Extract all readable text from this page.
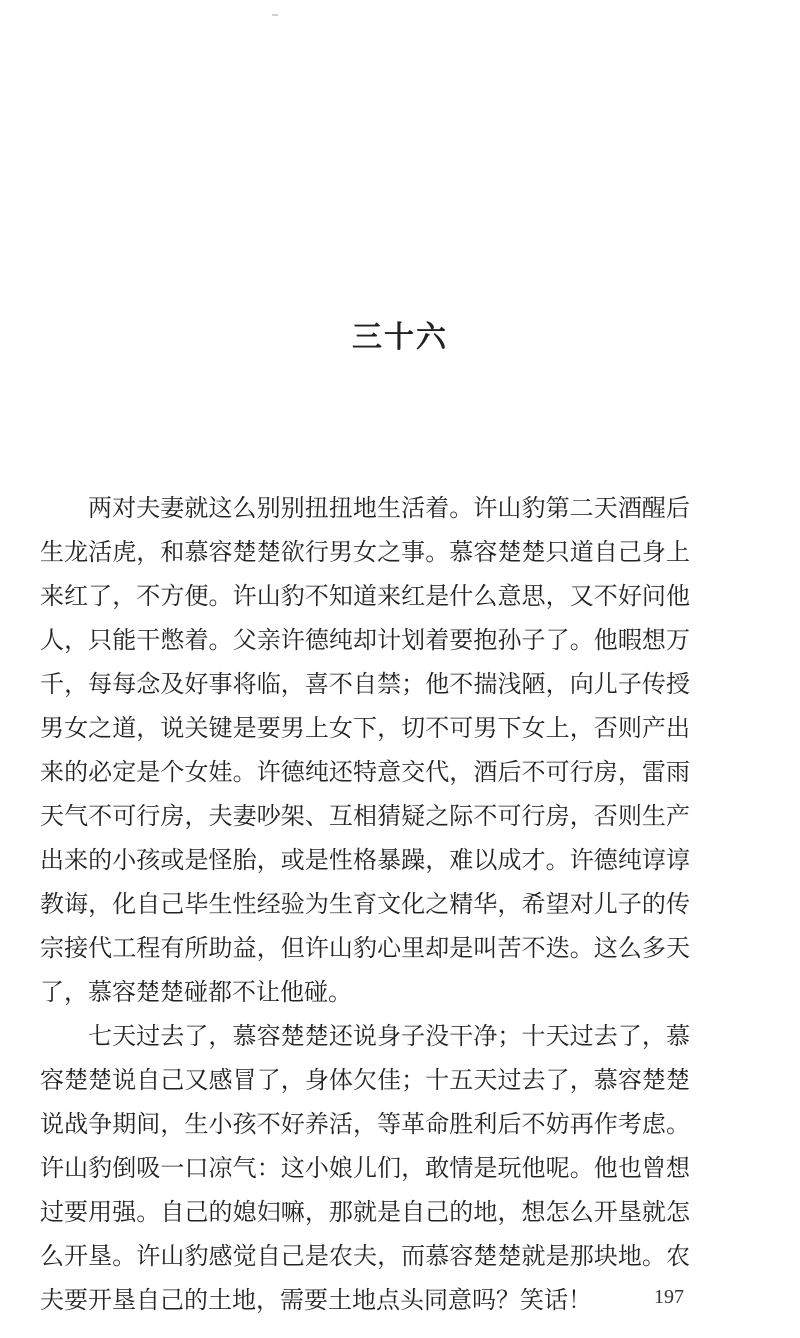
三十六

两对夫妻就这么别别扭扭地生活着。许山豹第二天酒醒后生龙活虎，和慕容楚楚欲行男女之事。慕容楚楚只道自己身上来红了，不方便。许山豹不知道来红是什么意思，又不好问他人，只能干憋着。父亲许德纯却计划着要抱孙子了。他暇想万千，每每念及好事将临，喜不自禁；他不揣浅陋，向儿子传授男女之道，说关键是要男上女下，切不可男下女上，否则产出来的必定是个女娃。许德纯还特意交代，酒后不可行房，雷雨天气不可行房，夫妻吵架、互相猜疑之际不可行房，否则生产出来的小孩或是怪胎，或是性格暴躁，难以成才。许德纯谆谆教诲，化自己毕生性经验为生育文化之精华，希望对儿子的传宗接代工程有所助益，但许山豹心里却是叫苦不迭。这么多天了，慕容楚楚碰都不让他碰。

七天过去了，慕容楚楚还说身子没干净；十天过去了，慕容楚楚说自己又感冒了，身体欠佳；十五天过去了，慕容楚楚说战争期间，生小孩不好养活，等革命胜利后不妨再作考虑。许山豹倒吸一口凉气：这小娘儿们，敢情是玩他呢。他也曾想过要用强。自己的媳妇嘛，那就是自己的地，想怎么开垦就怎么开垦。许山豹感觉自己是农夫，而慕容楚楚就是那块地。农夫要开垦自己的土地，需要土地点头同意吗？笑话！	197
